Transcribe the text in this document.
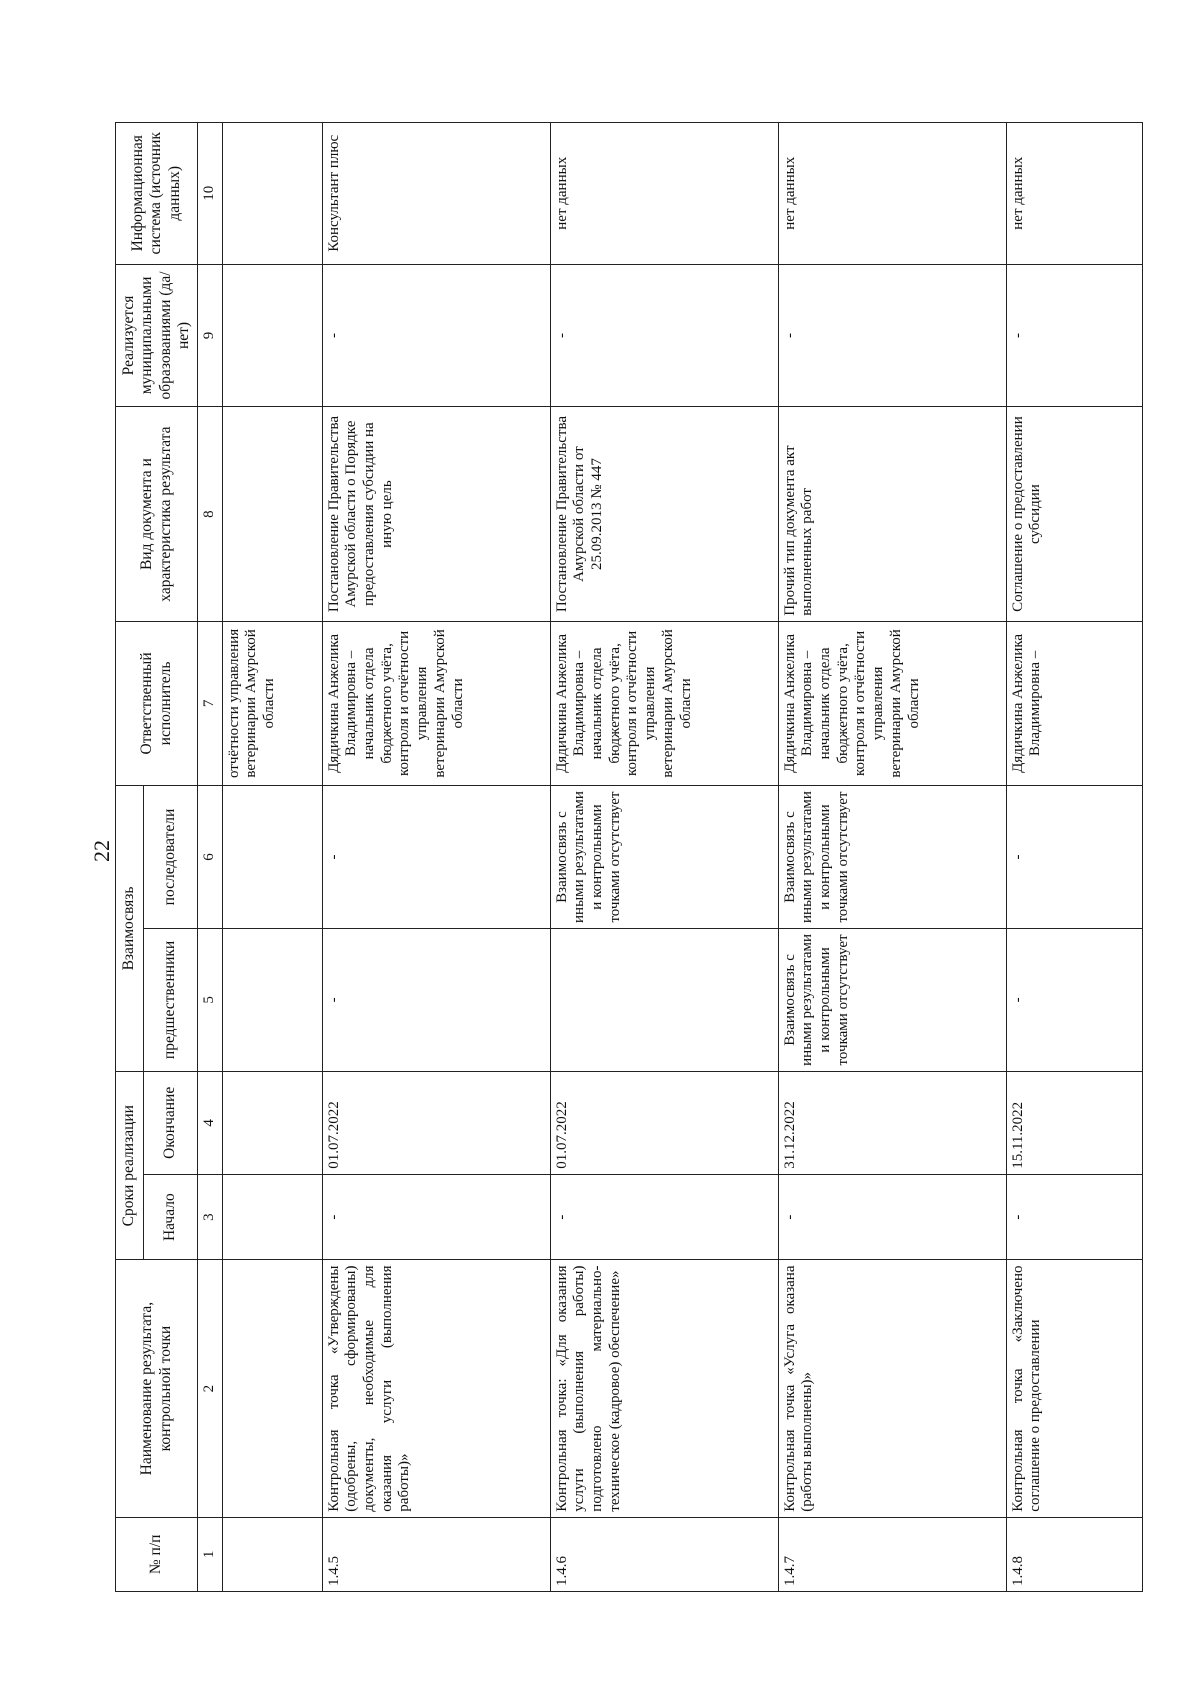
22
№ п/п	Наименование результата, контрольной точки	Сроки реализации		Взаимосвязь		Ответственный исполнитель	Вид документа и характеристика результата	Реализуется муниципальными образованиями (да/нет)	Информационная система (источник данных)
		Начало	Окончание	предшественники	последователи				
1	2	3	4	5	6	7	8	9	10
						отчётности управления ветеринарии Амурской области			
1.4.5	Контрольная точка «Утверждены (одобрены, сформированы) документы, необходимые для оказания услуги (выполнения работы)»	-	01.07.2022	-	-	Дядичкина Анжелика Владимировна – начальник отдела бюджетного учёта, контроля и отчётности управления ветеринарии Амурской области	Постановление Правительства Амурской области о Порядке предоставления субсидии на иную цель	-	Консультант плюс
1.4.6	Контрольная точка: «Для оказания услуги (выполнения работы) подготовлено материально-техническое (кадровое) обеспечение»	-	01.07.2022		Взаимосвязь с иными результатами и контрольными точками отсутствует	Дядичкина Анжелика Владимировна – начальник отдела бюджетного учёта, контроля и отчётности управления ветеринарии Амурской области	Постановление Правительства Амурской области от 25.09.2013 № 447	-	нет данных
1.4.7	Контрольная точка «Услуга оказана (работы выполнены)»	-	31.12.2022	Взаимосвязь с иными результатами и контрольными точками отсутствует	Взаимосвязь с иными результатами и контрольными точками отсутствует	Дядичкина Анжелика Владимировна – начальник отдела бюджетного учёта, контроля и отчётности управления ветеринарии Амурской области	Прочий тип документа акт выполненных работ	-	нет данных
1.4.8	Контрольная точка «Заключено соглашение о предоставлении	-	15.11.2022	-	-	Дядичкина Анжелика Владимировна –	Соглашение о предоставлении субсидии	-	нет данных
